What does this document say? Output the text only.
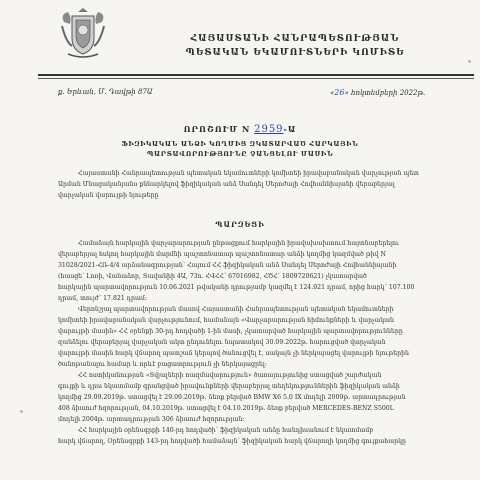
ՀԱՅԱՍՏԱՆԻ ՀԱՆՐԱՊԵՏՈՒԹՅԱՆ
ՊԵՏԱԿԱՆ ԵԿԱՄՈՒՏՆԵՐԻ ԿՈՄԻՏԵ
ք. Երևան, Մ. Դավթի 87Ա	«26» հոկտեմբերի 2022թ.
ՈՐՈՇՈՒՄ N 2959-Ա
ՖԻԶԻԿԱԿԱՆ ԱՆՁԻ ԿՈՂՄԻՑ ԶԿԱՏԱՐՎԱԾ ՀԱՐԿԱՅԻՆ
ՊԱՐՏԱՎՈՐՈՒԹՅՈՒՆԸ ՉԱՆՑԵԼՈՒ ՄԱՍԻՆ
Հայաստանի Հանրապետության պետական եկամուտների կոմիտեի իրավաբանական վարչության պետ
Արման Մնացականյանս քննարկելով ֆիզիկական անձ Սանդել Սերոժայի Հովհաննիսյանի վերաբերյալ
վարչական վարույթի նյութերը
ՊԱՐԶԵՑԻ
Համաձայն հարկային վարչարարության ընթացքում հարկային իրավախախտում հայտնաբերելու
վերաբերյալ հսկող հարկային մարմնի պաշտոնատար պաշտոնատար անձի կողմից կազմված թիվ N
31028/2021-ՀՌ-4/4 արձանագրության՝ Հայում ՀՀ ֆիզիկական անձ Սանդել Սերոժայի Հովհաննիսյանի
(հասցե՝ Լոռի, Վանաձոր, Տավանիի 4Ա, 73ո. ՀՎՀՀ՝ 67016982, ՀԾՀ՝ 1809720621) չկատարված
հարկային պարտավորություն 10.06.2021 թվականի դրությամբ կազմել է 124.921 դրամ, որից հարկ՝ 107.100
դրամ, տույժ՝ 17.821 դրամ:
Վերոնշյալ պարտավորության մասով Հայաստանի Հանրապետության պետական եկամուտների
կոմիտեի իրավաբանական վարչությունում, համաձայն «Վարչարարության հիմունքների և վարչական
վարույթի մասին» ՀՀ օրենքի 30-րդ հոդվածի 1-ին մասի, չկատարված հարկային պարտավորությունները
զանձելու վերաբերյալ վարչական ակտ ընդունելու նպատակով 30.09.2022թ. հարուցված վարչական
վարույթի մասին հարկ վճարող պատշաճ կերպով ծանուցվել է, սակայն չի ներկայացել վարույթի նյութերին
ծանոթանալու համար և որևէ բացատրություն չի ներկայացրել:
ՀՀ ոստիկանության «Տվյալների ռազմավարություն» ծառայությունից ստացված շարժական
գույքի և դրա նկատմամբ գրանցված իրավունքների վերաբերյալ տեղեկություններին ֆիզիկական անձի
կողմից 29.09.2019թ. ստացվել է 29.09.2019թ. ձեռք բերված BMW X6 5.0 IX մոդելի 2009թ. արտադրության
408 ձիաուժ հզորության, 04.10.2019թ. ստացվել է 04.10.2019թ. ձեռք բերված MERCEDES-BENZ S500L
մոդելի 2004թ. արտադրության 306 ձիաուժ հզորության:
ՀՀ հարկային օրենսգրքի 140-րդ հոդվածի՝ ֆիզիկական անձը հանդիսանում է նկատմամբ
հարկ վճարող, Օրենսգրքի 143-րդ հոդվածի համաձայն՝ ֆիզիկական հարկ վճարողի կողմից գույքահարկը
